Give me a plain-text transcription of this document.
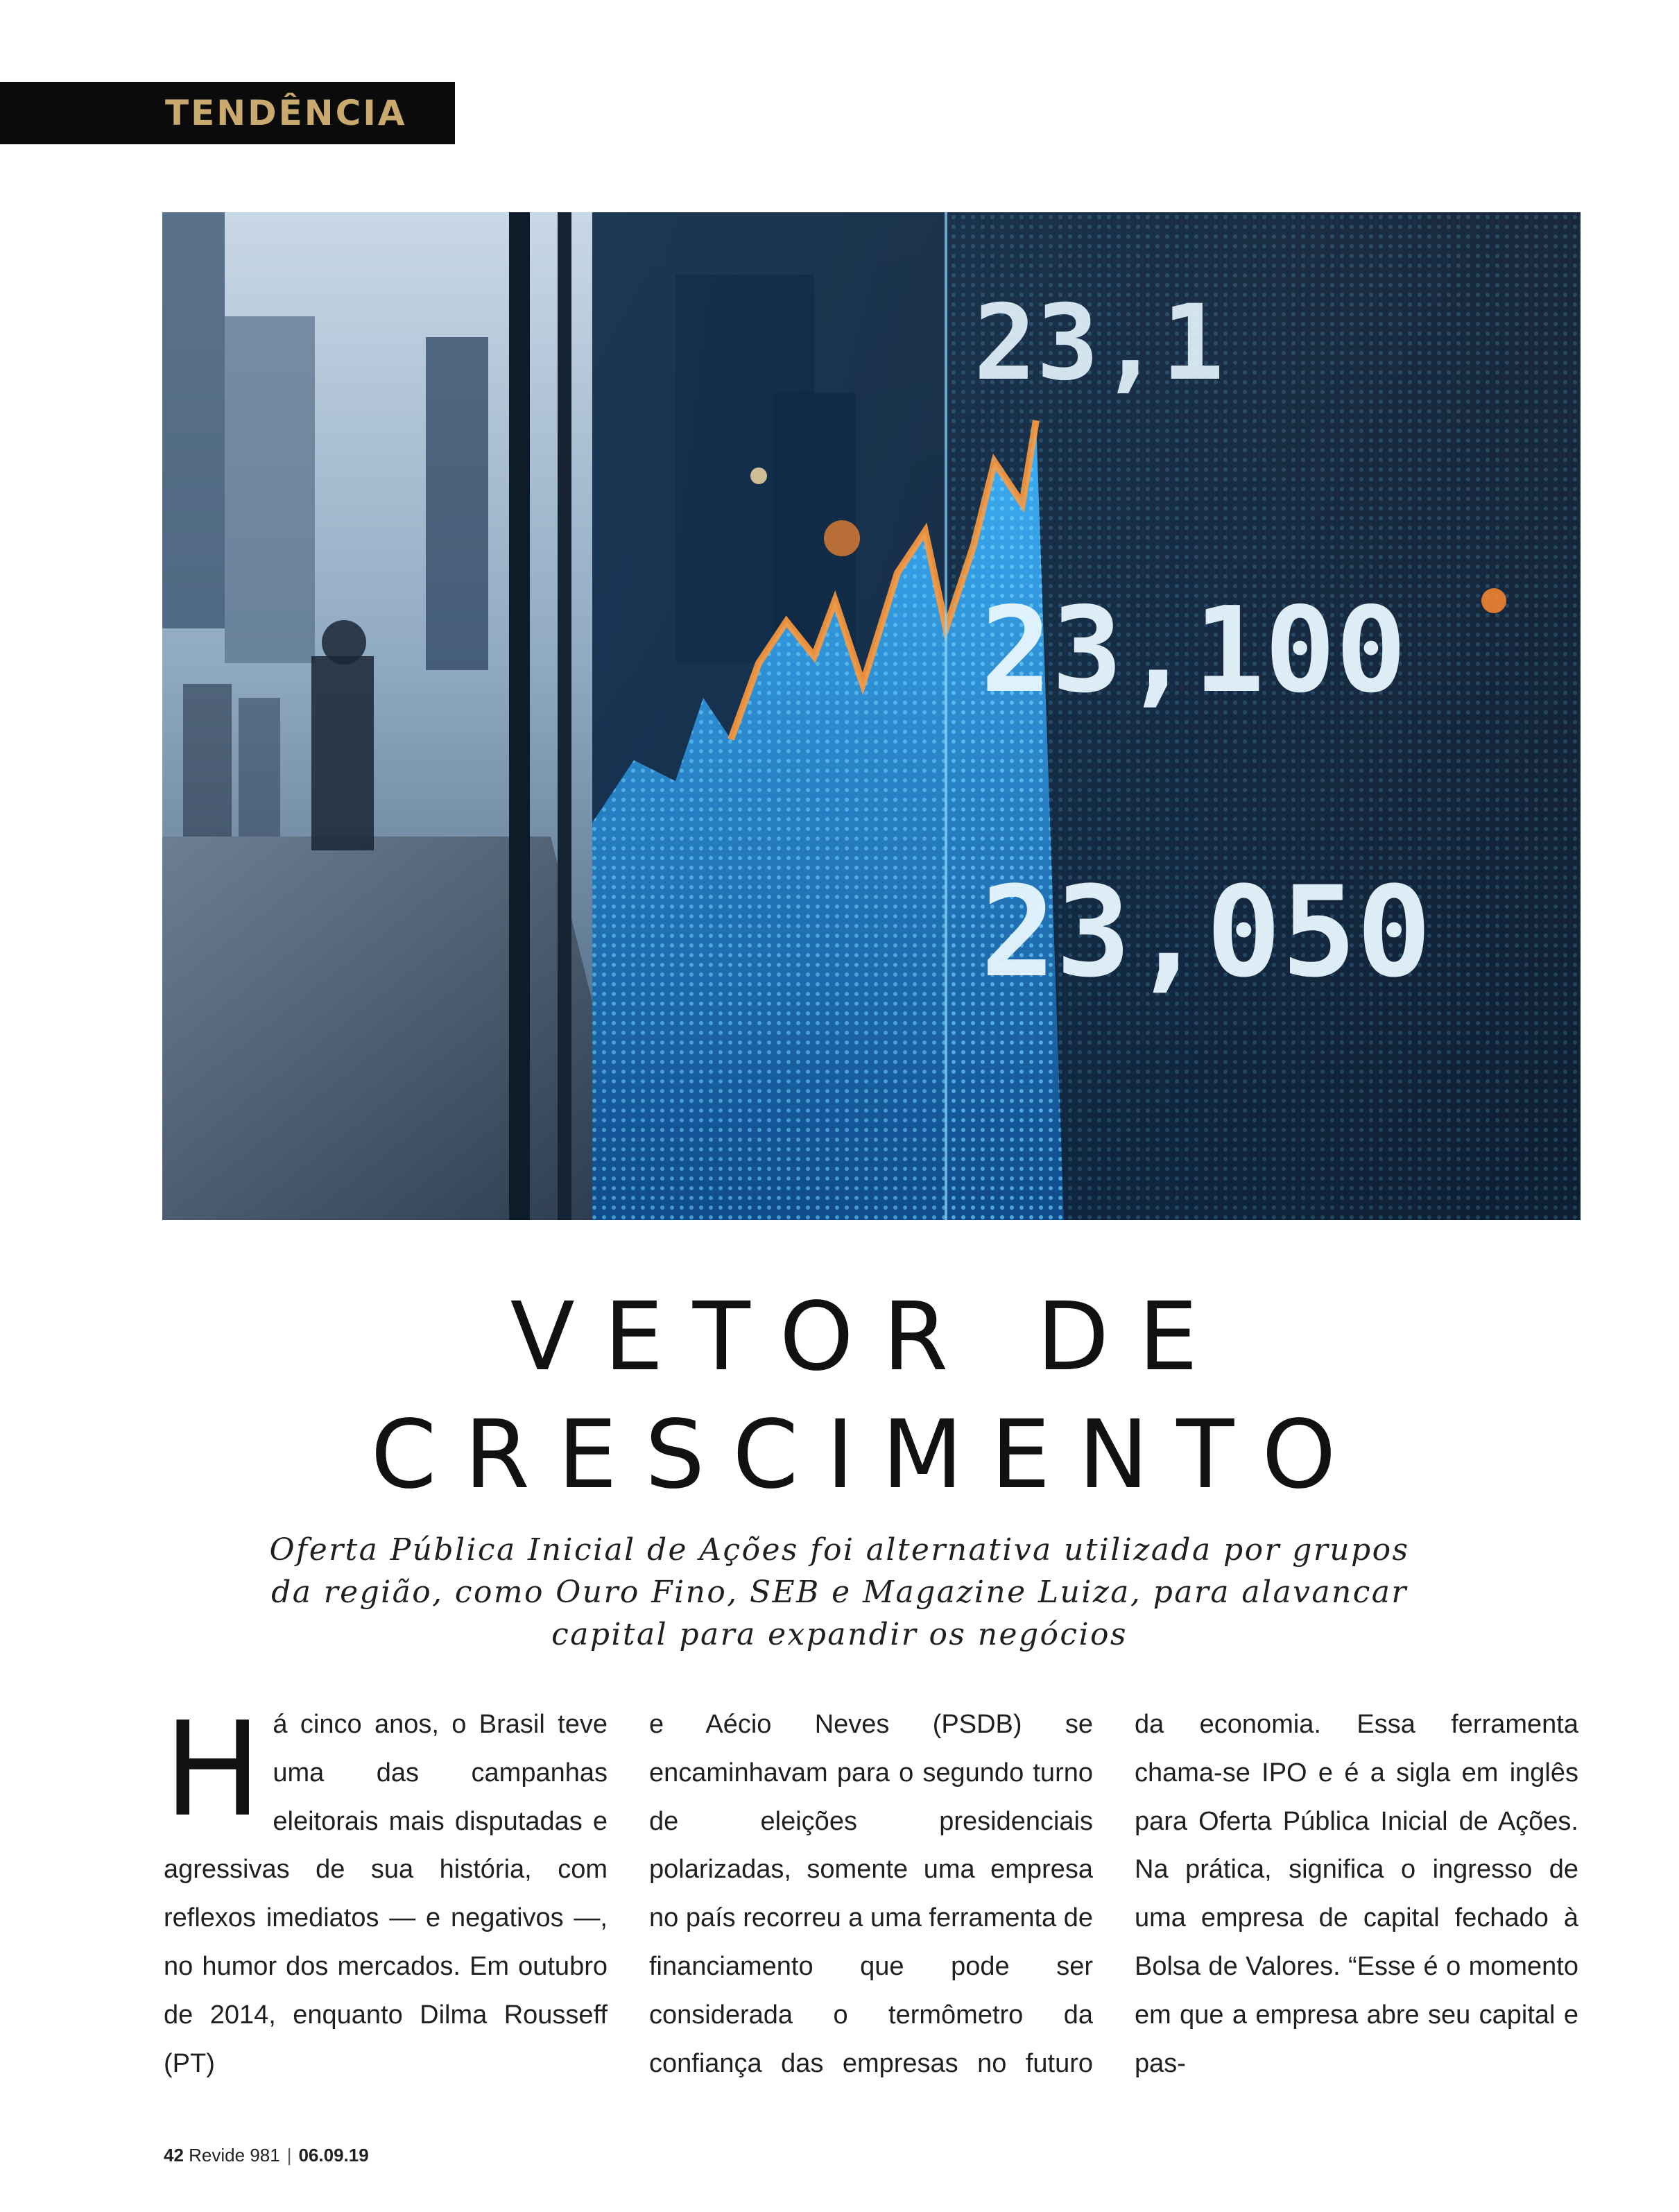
TENDÊNCIA
23,1
23,100
23,050
VETOR DE
CRESCIMENTO

Oferta Pública Inicial de Ações foi alternativa utilizada por grupos da região, como Ouro Fino, SEB e Magazine Luiza, para alavancar capital para expandir os negócios

Há cinco anos, o Brasil teve uma das campanhas eleitorais mais disputadas e agressivas de sua história, com reflexos imediatos — e negativos —, no humor dos mercados. Em outubro de 2014, enquanto Dilma Rousseff (PT)

e Aécio Neves (PSDB) se encaminhavam para o segundo turno de eleições presidenciais polarizadas, somente uma empresa no país recorreu a uma ferramenta de financiamento que pode ser considerada o termômetro da confiança das empresas no futuro

da economia. Essa ferramenta chama-se IPO e é a sigla em inglês para Oferta Pública Inicial de Ações. Na prática, significa o ingresso de uma empresa de capital fechado à Bolsa de Valores. “Esse é o momento em que a empresa abre seu capital e pas-

42 Revide 981 | 06.09.19
